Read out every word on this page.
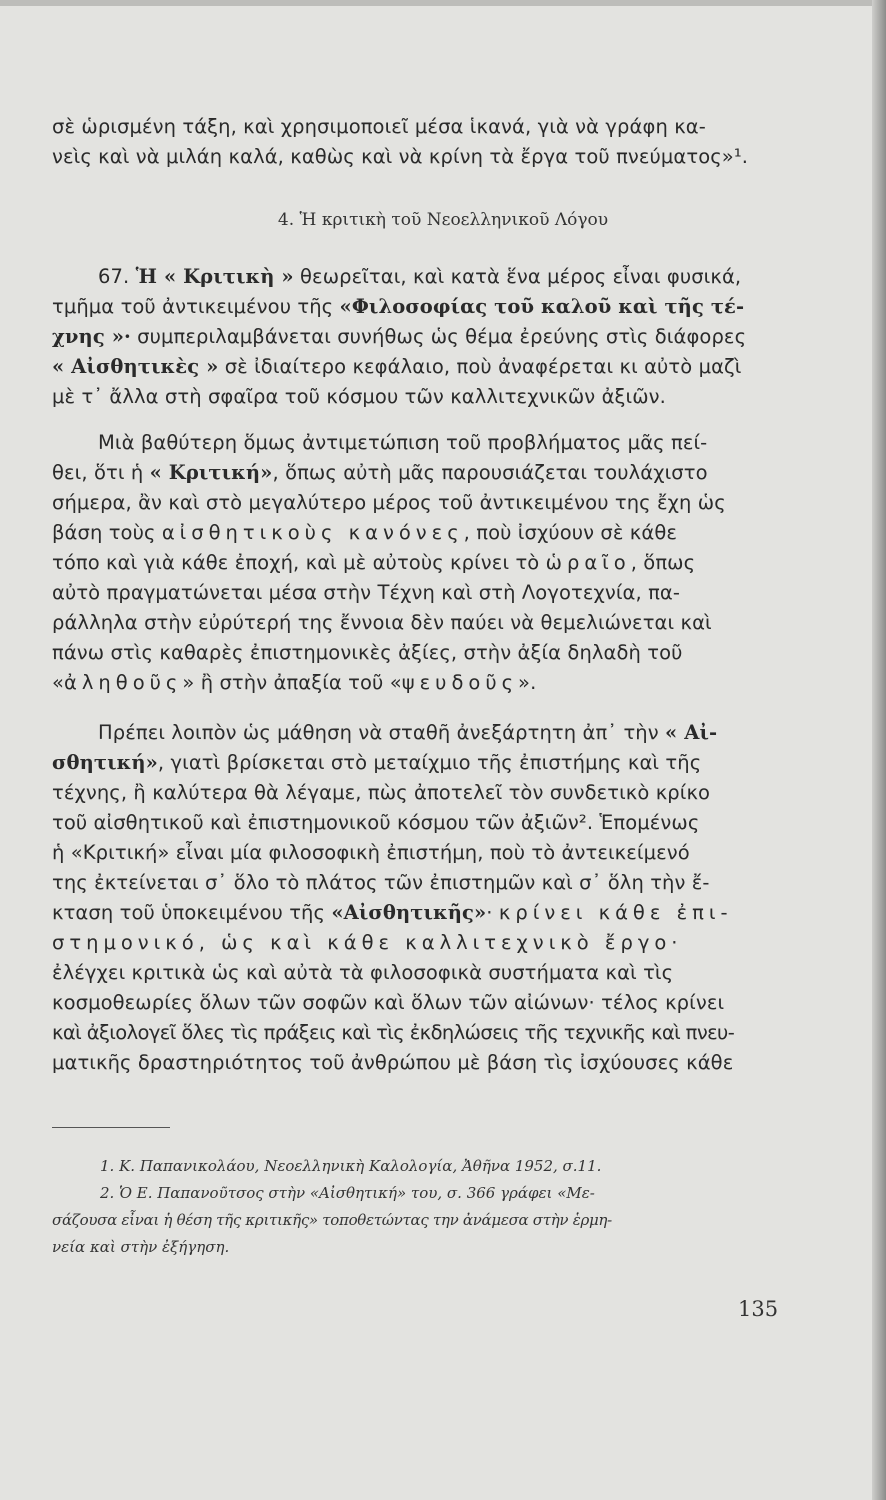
σὲ ὡρισμένη τάξη, καὶ χρησιμοποιεῖ μέσα ἱκανά, γιὰ νὰ γράφη κα-
νεὶς καὶ νὰ μιλάη καλά, καθὼς καὶ νὰ κρίνη τὰ ἔργα τοῦ πνεύματος»¹.
4. Ἡ κριτικὴ τοῦ Νεοελληνικοῦ Λόγου
67. Ἡ « Κριτικὴ » θεωρεῖται, καὶ κατὰ ἕνα μέρος εἶναι φυσικά,
τμῆμα τοῦ ἀντικειμένου τῆς «Φιλοσοφίας τοῦ καλοῦ καὶ τῆς τέ-
χνης »· συμπεριλαμβάνεται συνήθως ὡς θέμα ἐρεύνης στὶς διάφορες
« Αἰσθητικὲς » σὲ ἰδιαίτερο κεφάλαιο, ποὺ ἀναφέρεται κι αὐτὸ μαζὶ
μὲ τ᾽ ἄλλα στὴ σφαῖρα τοῦ κόσμου τῶν καλλιτεχνικῶν ἀξιῶν.
Μιὰ βαθύτερη ὅμως ἀντιμετώπιση τοῦ προβλήματος μᾶς πεί-
θει, ὅτι ἡ « Κριτική», ὅπως αὐτὴ μᾶς παρουσιάζεται τουλάχιστο
σήμερα, ἂν καὶ στὸ μεγαλύτερο μέρος τοῦ ἀντικειμένου της ἔχη ὡς
βάση τοὺς αἰσθητικοὺς κανόνες, ποὺ ἰσχύουν σὲ κάθε
τόπο καὶ γιὰ κάθε ἐποχή, καὶ μὲ αὐτοὺς κρίνει τὸ ὡραῖο, ὅπως
αὐτὸ πραγματώνεται μέσα στὴν Τέχνη καὶ στὴ Λογοτεχνία, πα-
ράλληλα στὴν εὐρύτερή της ἔννοια δὲν παύει νὰ θεμελιώνεται καὶ
πάνω στὶς καθαρὲς ἐπιστημονικὲς ἀξίες, στὴν ἀξία δηλαδὴ τοῦ
«ἀληθοῦς» ἢ στὴν ἀπαξία τοῦ «ψευδοῦς».
Πρέπει λοιπὸν ὡς μάθηση νὰ σταθῆ ἀνεξάρτητη ἀπ᾽ τὴν « Αἰ-
σθητική», γιατὶ βρίσκεται στὸ μεταίχμιο τῆς ἐπιστήμης καὶ τῆς
τέχνης, ἢ καλύτερα θὰ λέγαμε, πὼς ἀποτελεῖ τὸν συνδετικὸ κρίκο
τοῦ αἰσθητικοῦ καὶ ἐπιστημονικοῦ κόσμου τῶν ἀξιῶν². Ἑπομένως
ἡ «Κριτική» εἶναι μία φιλοσοφικὴ ἐπιστήμη, ποὺ τὸ ἀντεικείμενό
της ἐκτείνεται σ᾽ ὅλο τὸ πλάτος τῶν ἐπιστημῶν καὶ σ᾽ ὅλη τὴν ἔ-
κταση τοῦ ὑποκειμένου τῆς «Αἰσθητικῆς»· κρίνει κάθε ἐπι-
στημονικό, ὡς καὶ κάθε καλλιτεχνικὸ ἔργο·
ἐλέγχει κριτικὰ ὡς καὶ αὐτὰ τὰ φιλοσοφικὰ συστήματα καὶ τὶς
κοσμοθεωρίες ὅλων τῶν σοφῶν καὶ ὅλων τῶν αἰώνων· τέλος κρίνει
καὶ ἀξιολογεῖ ὅλες τὶς πράξεις καὶ τὶς ἐκδηλώσεις τῆς τεχνικῆς καὶ πνευ-
ματικῆς δραστηριότητος τοῦ ἀνθρώπου μὲ βάση τὶς ἰσχύουσες κάθε
1. Κ. Παπανικολάου, Νεοελληνικὴ Καλολογία, Ἀθῆνα 1952, σ.11.
2. Ὁ Ε. Παπανοῦτσος στὴν «Αἰσθητική» του, σ. 366 γράφει «Με-
σάζουσα εἶναι ἡ θέση τῆς κριτικῆς» τοποθετώντας την ἀνάμεσα στὴν ἑρμη-
νεία καὶ στὴν ἐξήγηση.
135
